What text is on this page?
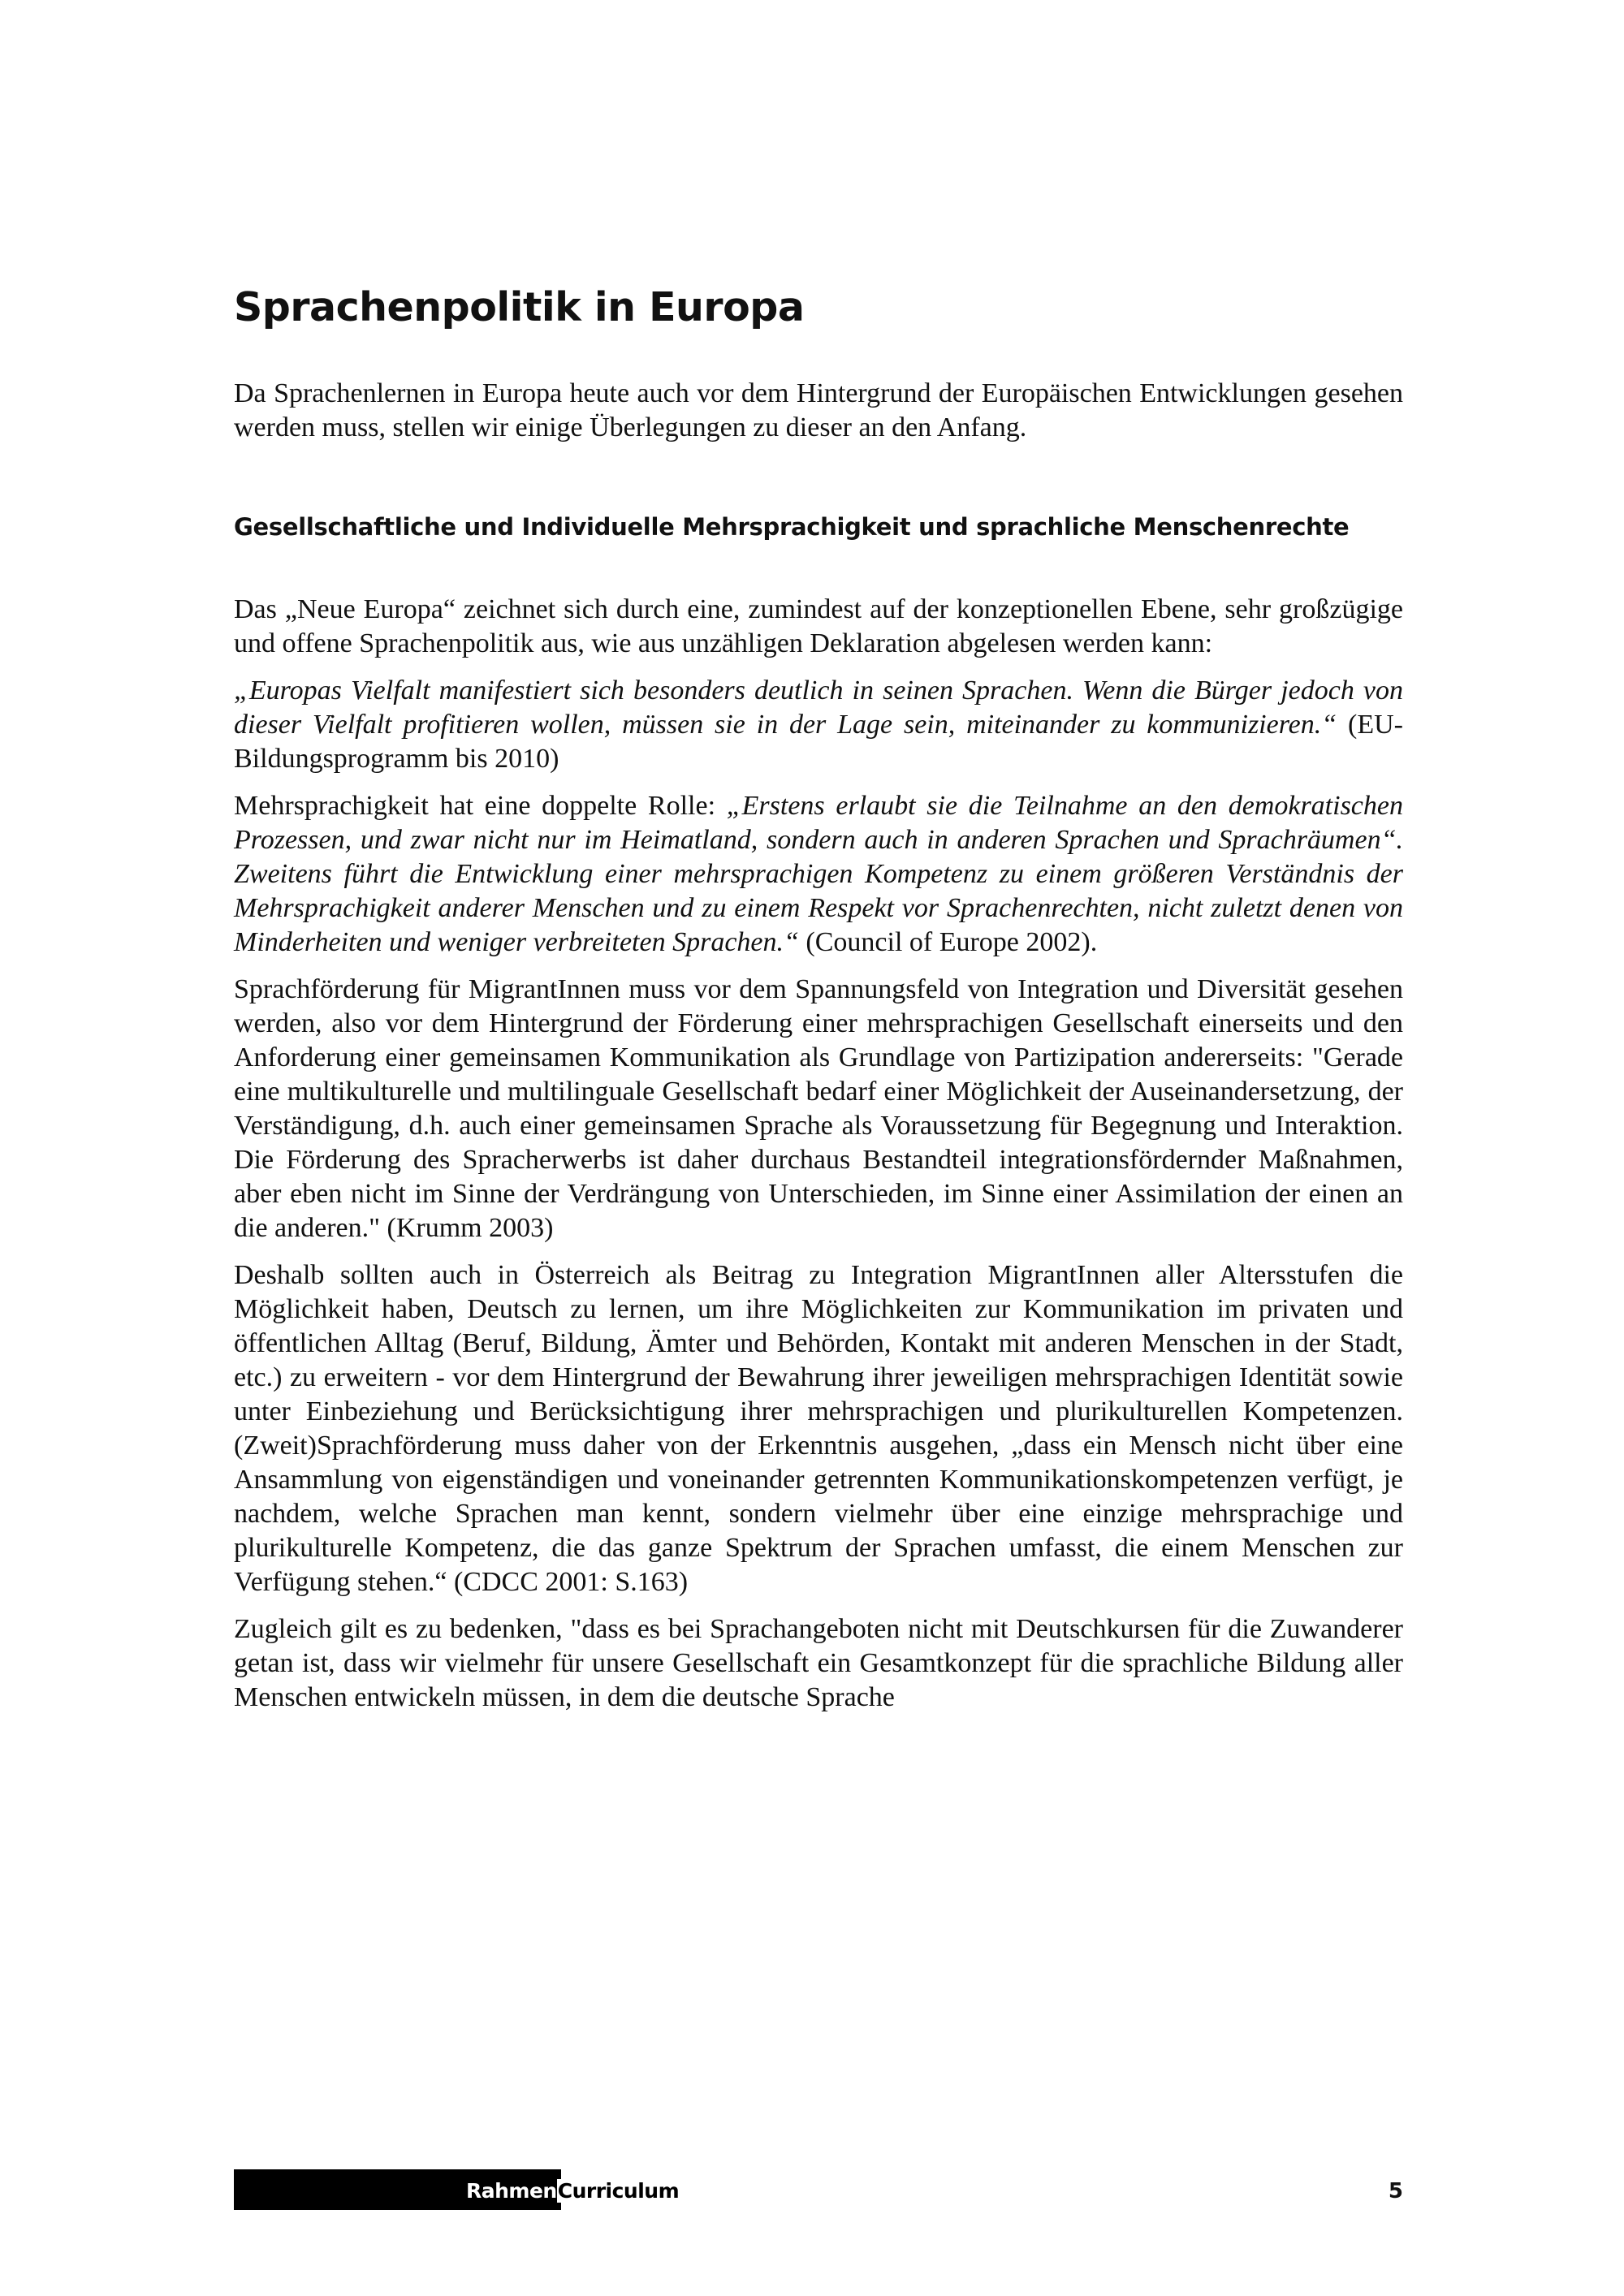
Sprachenpolitik in Europa

Da Sprachenlernen in Europa heute auch vor dem Hintergrund der Europäischen Entwicklungen gesehen werden muss, stellen wir einige Überlegungen zu dieser an den Anfang.

Gesellschaftliche und Individuelle Mehrsprachigkeit und sprachliche Menschenrechte

Das „Neue Europa“ zeichnet sich durch eine, zumindest auf der konzeptionellen Ebene, sehr großzügige und offene Sprachenpolitik aus, wie aus unzähligen Deklaration abgelesen werden kann:

„Europas Vielfalt manifestiert sich besonders deutlich in seinen Sprachen. Wenn die Bürger jedoch von dieser Vielfalt profitieren wollen, müssen sie in der Lage sein, miteinander zu kommunizieren.“ (EU-Bildungsprogramm bis 2010)

Mehrsprachigkeit hat eine doppelte Rolle: „Erstens erlaubt sie die Teilnahme an den demokratischen Prozessen, und zwar nicht nur im Heimatland, sondern auch in anderen Sprachen und Sprachräumen“. Zweitens führt die Entwicklung einer mehrsprachigen Kompetenz zu einem größeren Verständnis der Mehrsprachigkeit anderer Menschen und zu einem Respekt vor Sprachenrechten, nicht zuletzt denen von Minderheiten und weniger verbreiteten Sprachen.“ (Council of Europe 2002).

Sprachförderung für MigrantInnen muss vor dem Spannungsfeld von Integration und Diversität gesehen werden, also vor dem Hintergrund der Förderung einer mehrsprachigen Gesellschaft einerseits und den Anforderung einer gemeinsamen Kommunikation als Grundlage von Partizipation andererseits: "Gerade eine multikulturelle und multilinguale Gesellschaft bedarf einer Möglichkeit der Auseinandersetzung, der Verständigung, d.h. auch einer gemeinsamen Sprache als Voraussetzung für Begegnung und Interaktion. Die Förderung des Spracherwerbs ist daher durchaus Bestandteil integrationsfördernder Maßnahmen, aber eben nicht im Sinne der Verdrängung von Unterschieden, im Sinne einer Assimilation der einen an die anderen." (Krumm 2003)

Deshalb sollten auch in Österreich als Beitrag zu Integration MigrantInnen aller Altersstufen die Möglichkeit haben, Deutsch zu lernen, um ihre Möglichkeiten zur Kommunikation im privaten und öffentlichen Alltag (Beruf, Bildung, Ämter und Behörden, Kontakt mit anderen Menschen in der Stadt, etc.) zu erweitern - vor dem Hintergrund der Bewahrung ihrer jeweiligen mehrsprachigen Identität sowie unter Einbeziehung und Berücksichtigung ihrer mehrsprachigen und plurikulturellen Kompetenzen. (Zweit)Sprachförderung muss daher von der Erkenntnis ausgehen, „dass ein Mensch nicht über eine Ansammlung von eigenständigen und voneinander getrennten Kommunikationskompetenzen verfügt, je nachdem, welche Sprachen man kennt, sondern vielmehr über eine einzige mehrsprachige und plurikulturelle Kompetenz, die das ganze Spektrum der Sprachen umfasst, die einem Menschen zur Verfügung stehen.“ (CDCC 2001: S.163)

Zugleich gilt es zu bedenken, "dass es bei Sprachangeboten nicht mit Deutschkursen für die Zuwanderer getan ist, dass wir vielmehr für unsere Gesellschaft ein Gesamtkonzept für die sprachliche Bildung aller Menschen entwickeln müssen, in dem die deutsche Sprache

RahmenCurriculum	5
